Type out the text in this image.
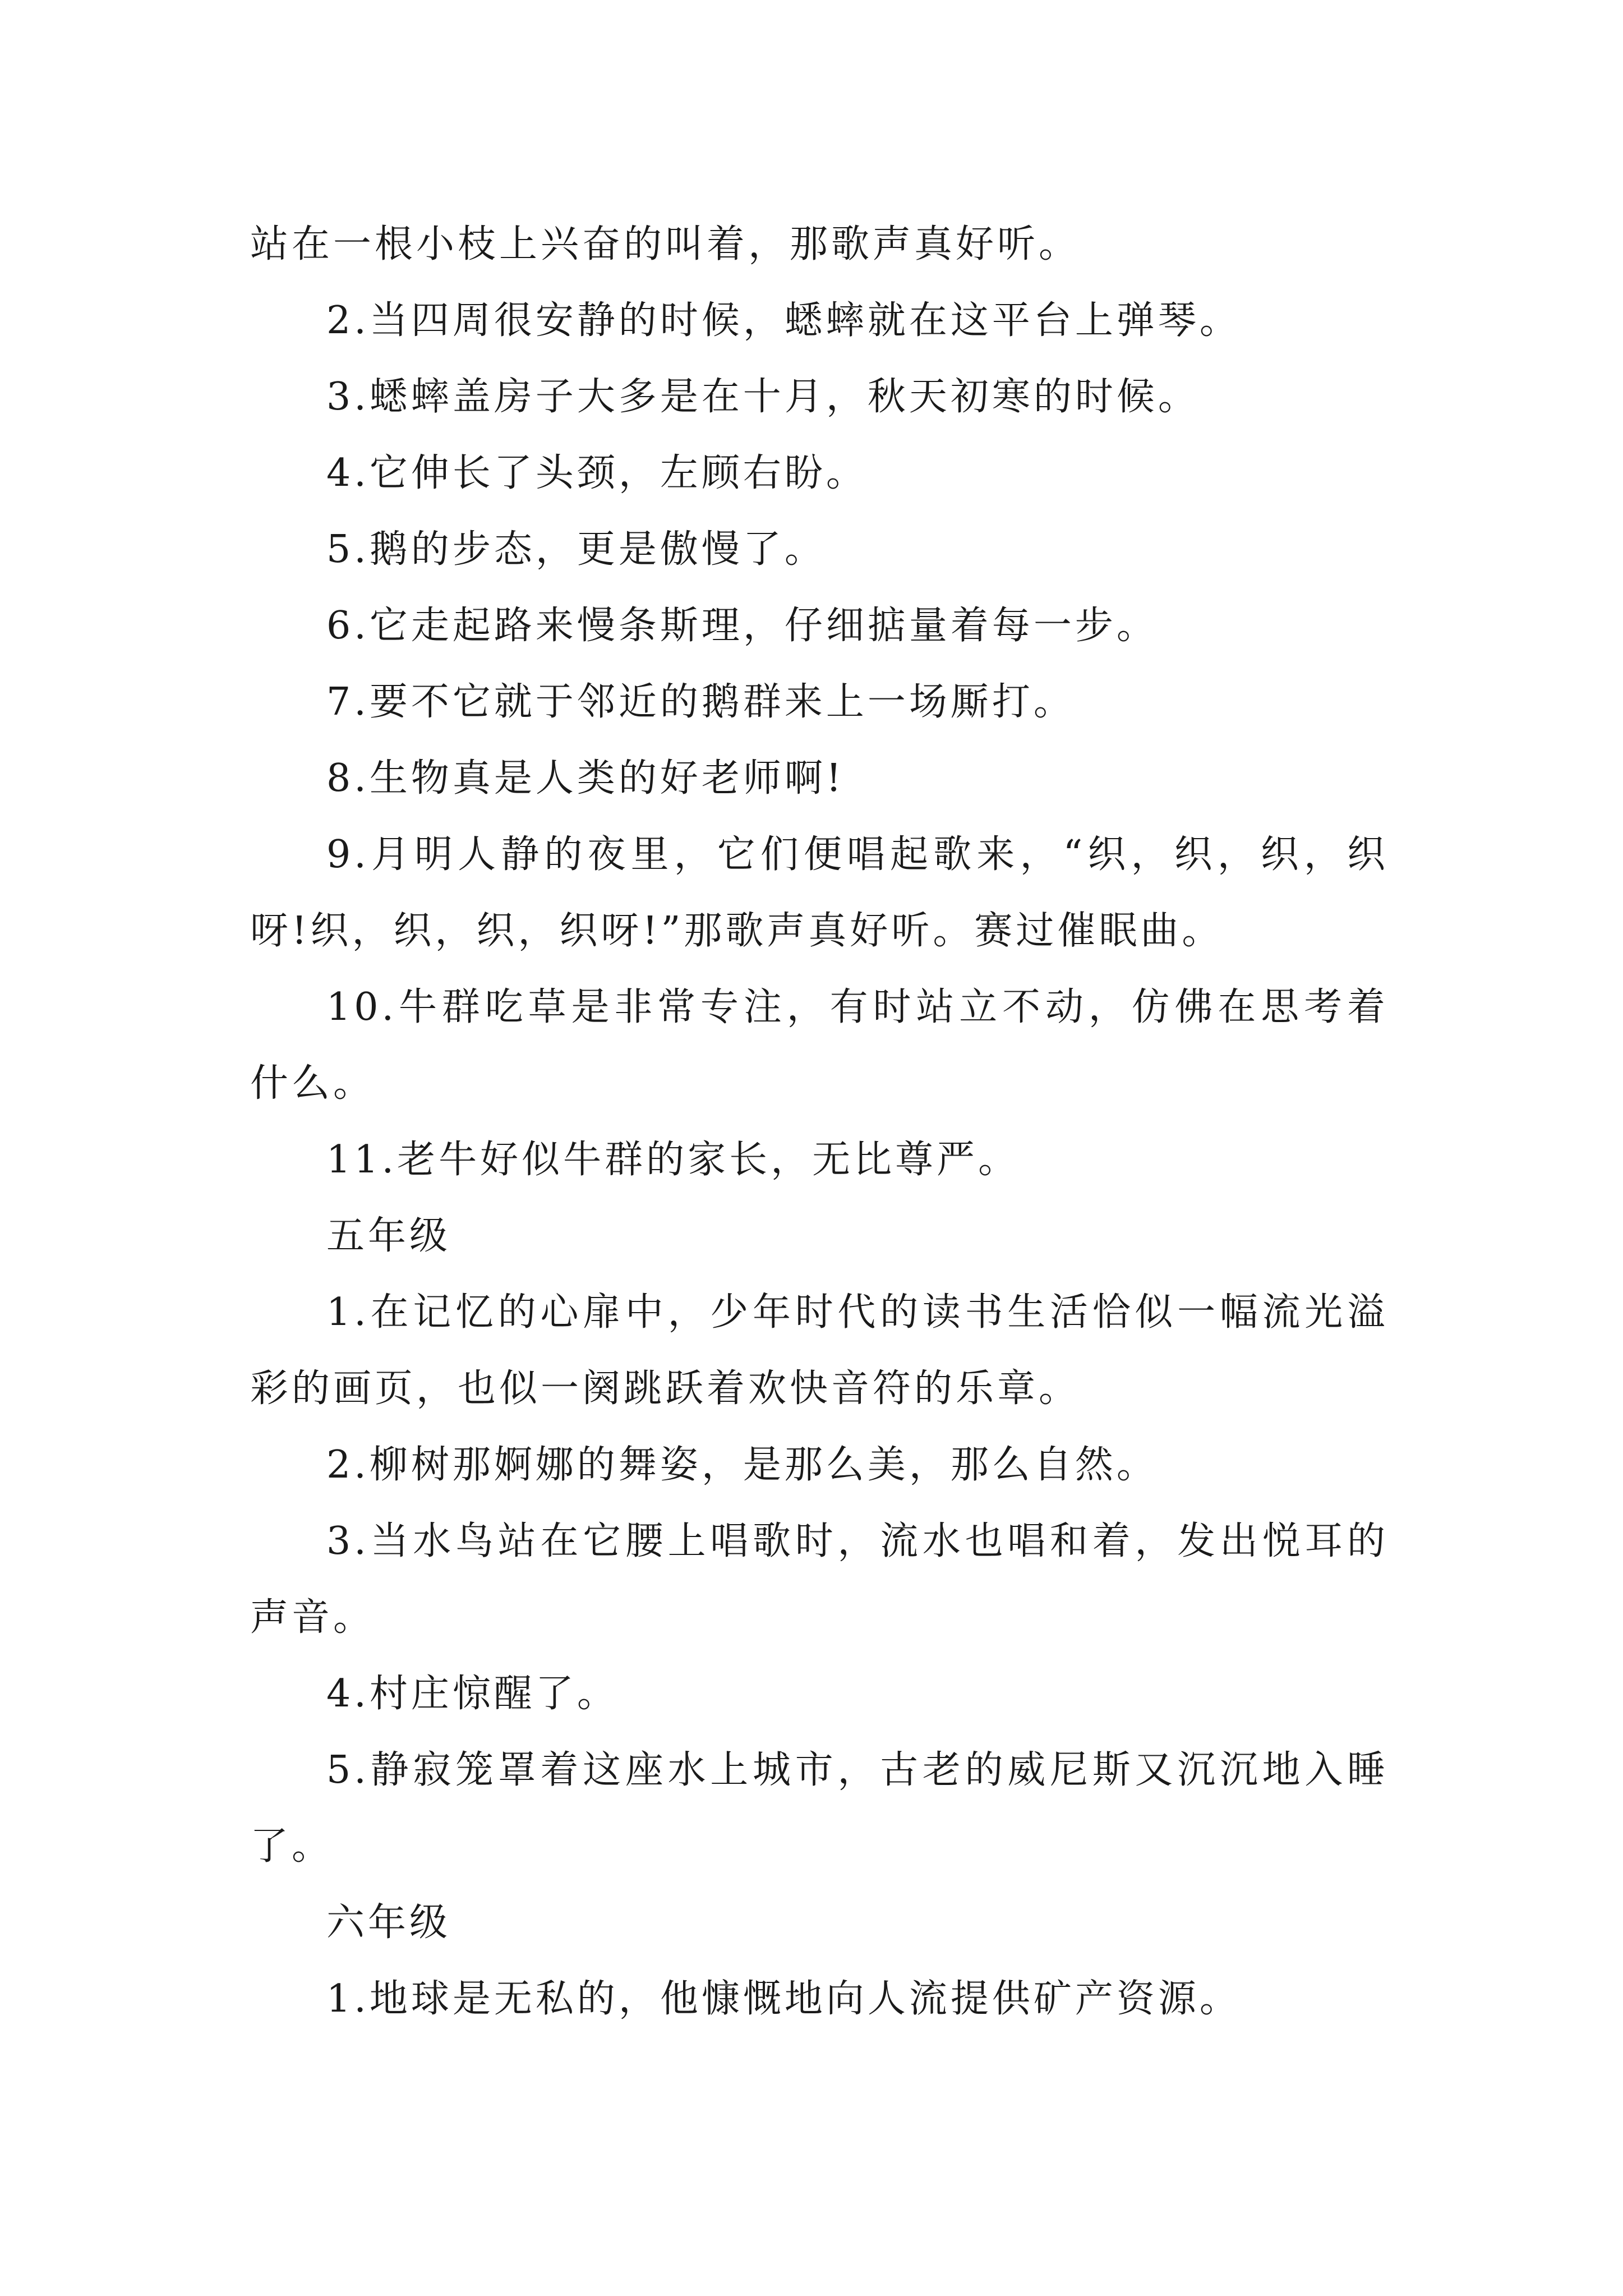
站在一根小枝上兴奋的叫着，那歌声真好听。

2.当四周很安静的时候，蟋蟀就在这平台上弹琴。

3.蟋蟀盖房子大多是在十月，秋天初寒的时候。

4.它伸长了头颈，左顾右盼。

5.鹅的步态，更是傲慢了。

6.它走起路来慢条斯理，仔细掂量着每一步。

7.要不它就于邻近的鹅群来上一场厮打。

8.生物真是人类的好老师啊!

9.月明人静的夜里，它们便唱起歌来，“织，织，织，织呀!织，织，织，织呀!”那歌声真好听。赛过催眠曲。

10.牛群吃草是非常专注，有时站立不动，仿佛在思考着什么。

11.老牛好似牛群的家长，无比尊严。

五年级

1.在记忆的心扉中，少年时代的读书生活恰似一幅流光溢彩的画页，也似一阕跳跃着欢快音符的乐章。

2.柳树那婀娜的舞姿，是那么美，那么自然。

3.当水鸟站在它腰上唱歌时，流水也唱和着，发出悦耳的声音。

4.村庄惊醒了。

5.静寂笼罩着这座水上城市，古老的威尼斯又沉沉地入睡了。

六年级

1.地球是无私的，他慷慨地向人流提供矿产资源。
